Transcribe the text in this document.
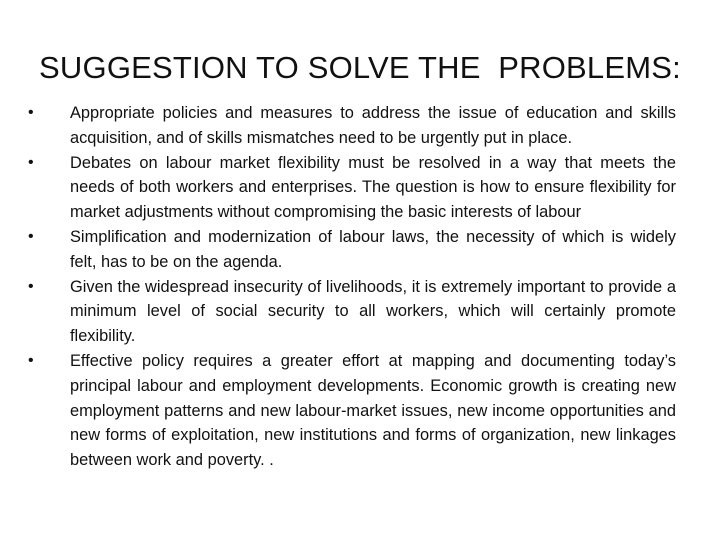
SUGGESTION TO SOLVE THE  PROBLEMS:
•	Appropriate policies and measures to address the issue of education and skills acquisition, and of skills mismatches need to be urgently put in place.
•	Debates on labour market flexibility must be resolved in a way that meets the needs of both workers and enterprises. The question is how to ensure flexibility for market adjustments without compromising the basic interests of labour
•	Simplification and modernization of labour laws, the necessity of which is widely felt, has to be on the agenda.
•	Given the widespread insecurity of livelihoods, it is extremely important to provide a minimum level of social security to all workers, which will certainly promote flexibility.
•	Effective policy requires a greater effort at mapping and documenting today’s principal labour and employment developments. Economic growth is creating new employment patterns and new labour-market issues, new income opportunities and new forms of exploitation, new institutions and forms of organization, new linkages between work and poverty. .
